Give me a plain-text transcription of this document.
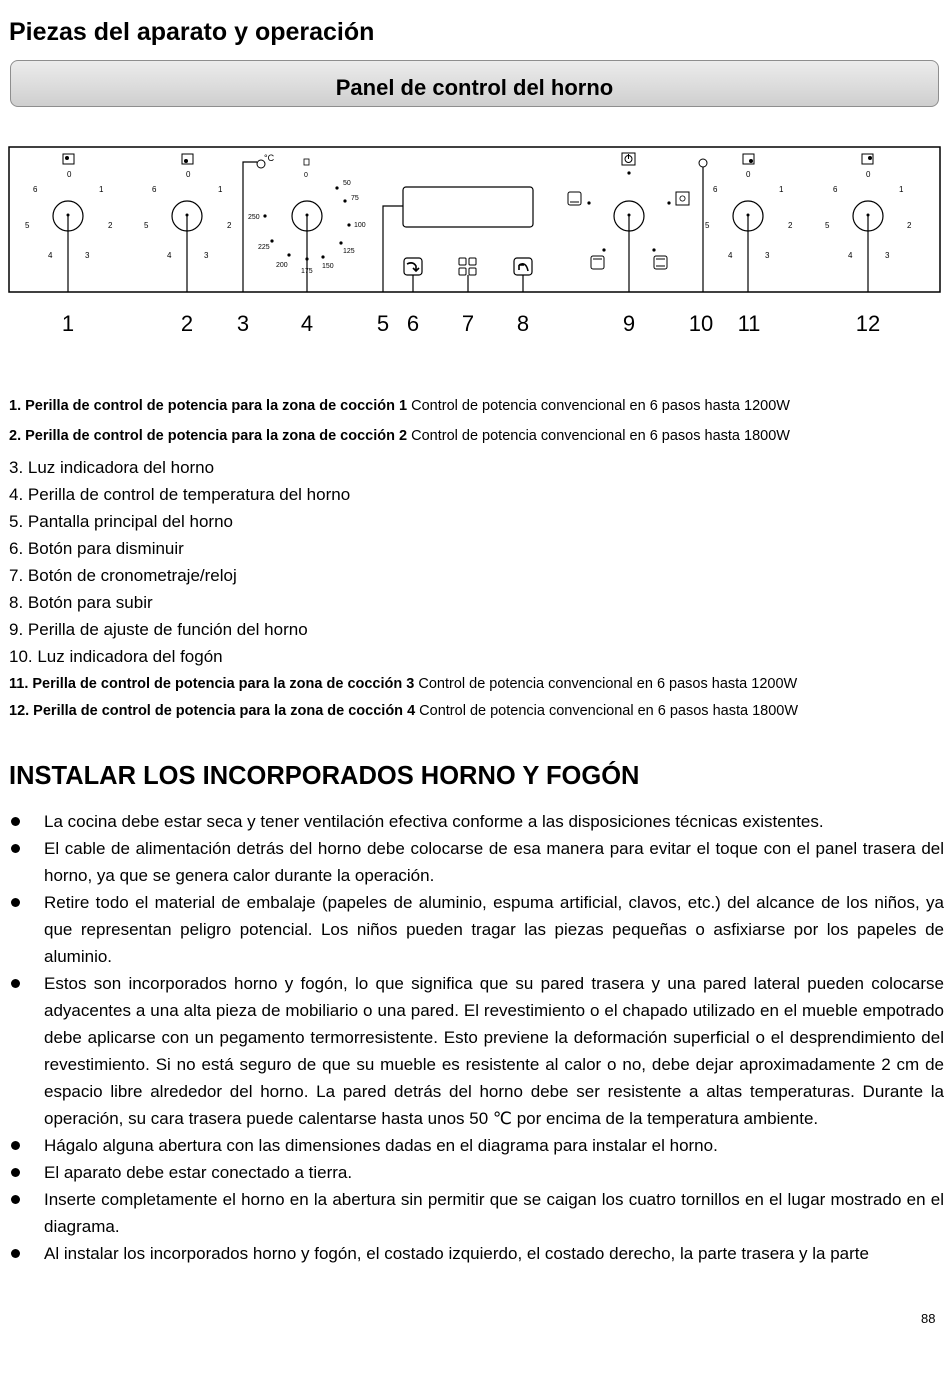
Piezas del aparato y operación
Panel de control del horno
0
6	1
5	2
4	3
0
6	1
5	2
4	3
°C
0
50
75
100
125
150
175
200
225
250
0
6	1
5	2
4	3
0
6	1
5	2
4	3
1	2 3 4	5 6 7 8	9 10 11	12
1. Perilla de control de potencia para la zona de cocción 1 Control de potencia convencional en 6 pasos hasta 1200W
2. Perilla de control de potencia para la zona de cocción 2 Control de potencia convencional en 6 pasos hasta 1800W
3. Luz indicadora del horno
4. Perilla de control de temperatura del horno
5. Pantalla principal del horno
6. Botón para disminuir
7. Botón de cronometraje/reloj
8. Botón para subir
9. Perilla de ajuste de función del horno
10. Luz indicadora del fogón
11. Perilla de control de potencia para la zona de cocción 3 Control de potencia convencional en 6 pasos hasta 1200W
12. Perilla de control de potencia para la zona de cocción 4 Control de potencia convencional en 6 pasos hasta 1800W
INSTALAR LOS INCORPORADOS HORNO Y FOGÓN
La cocina debe estar seca y tener ventilación efectiva conforme a las disposiciones técnicas existentes.
El cable de alimentación detrás del horno debe colocarse de esa manera para evitar el toque con el panel trasera del horno, ya que se genera calor durante la operación.
Retire todo el material de embalaje (papeles de aluminio, espuma artificial, clavos, etc.) del alcance de los niños, ya que representan peligro potencial. Los niños pueden tragar las piezas pequeñas o asfixiarse por los papeles de aluminio.
Estos son incorporados horno y fogón, lo que significa que su pared trasera y una pared lateral pueden colocarse adyacentes a una alta pieza de mobiliario o una pared. El revestimiento o el chapado utilizado en el mueble empotrado debe aplicarse con un pegamento termorresistente. Esto previene la deformación superficial o el desprendimiento del revestimiento. Si no está seguro de que su mueble es resistente al calor o no, debe dejar aproximadamente 2 cm de espacio libre alrededor del horno. La pared detrás del horno debe ser resistente a altas temperaturas. Durante la operación, su cara trasera puede calentarse hasta unos 50 ℃ por encima de la temperatura ambiente.
Hágalo alguna abertura con las dimensiones dadas en el diagrama para instalar el horno.
El aparato debe estar conectado a tierra.
Inserte completamente el horno en la abertura sin permitir que se caigan los cuatro tornillos en el lugar mostrado en el diagrama.
Al instalar los incorporados horno y fogón, el costado izquierdo, el costado derecho, la parte trasera y la parte
88
